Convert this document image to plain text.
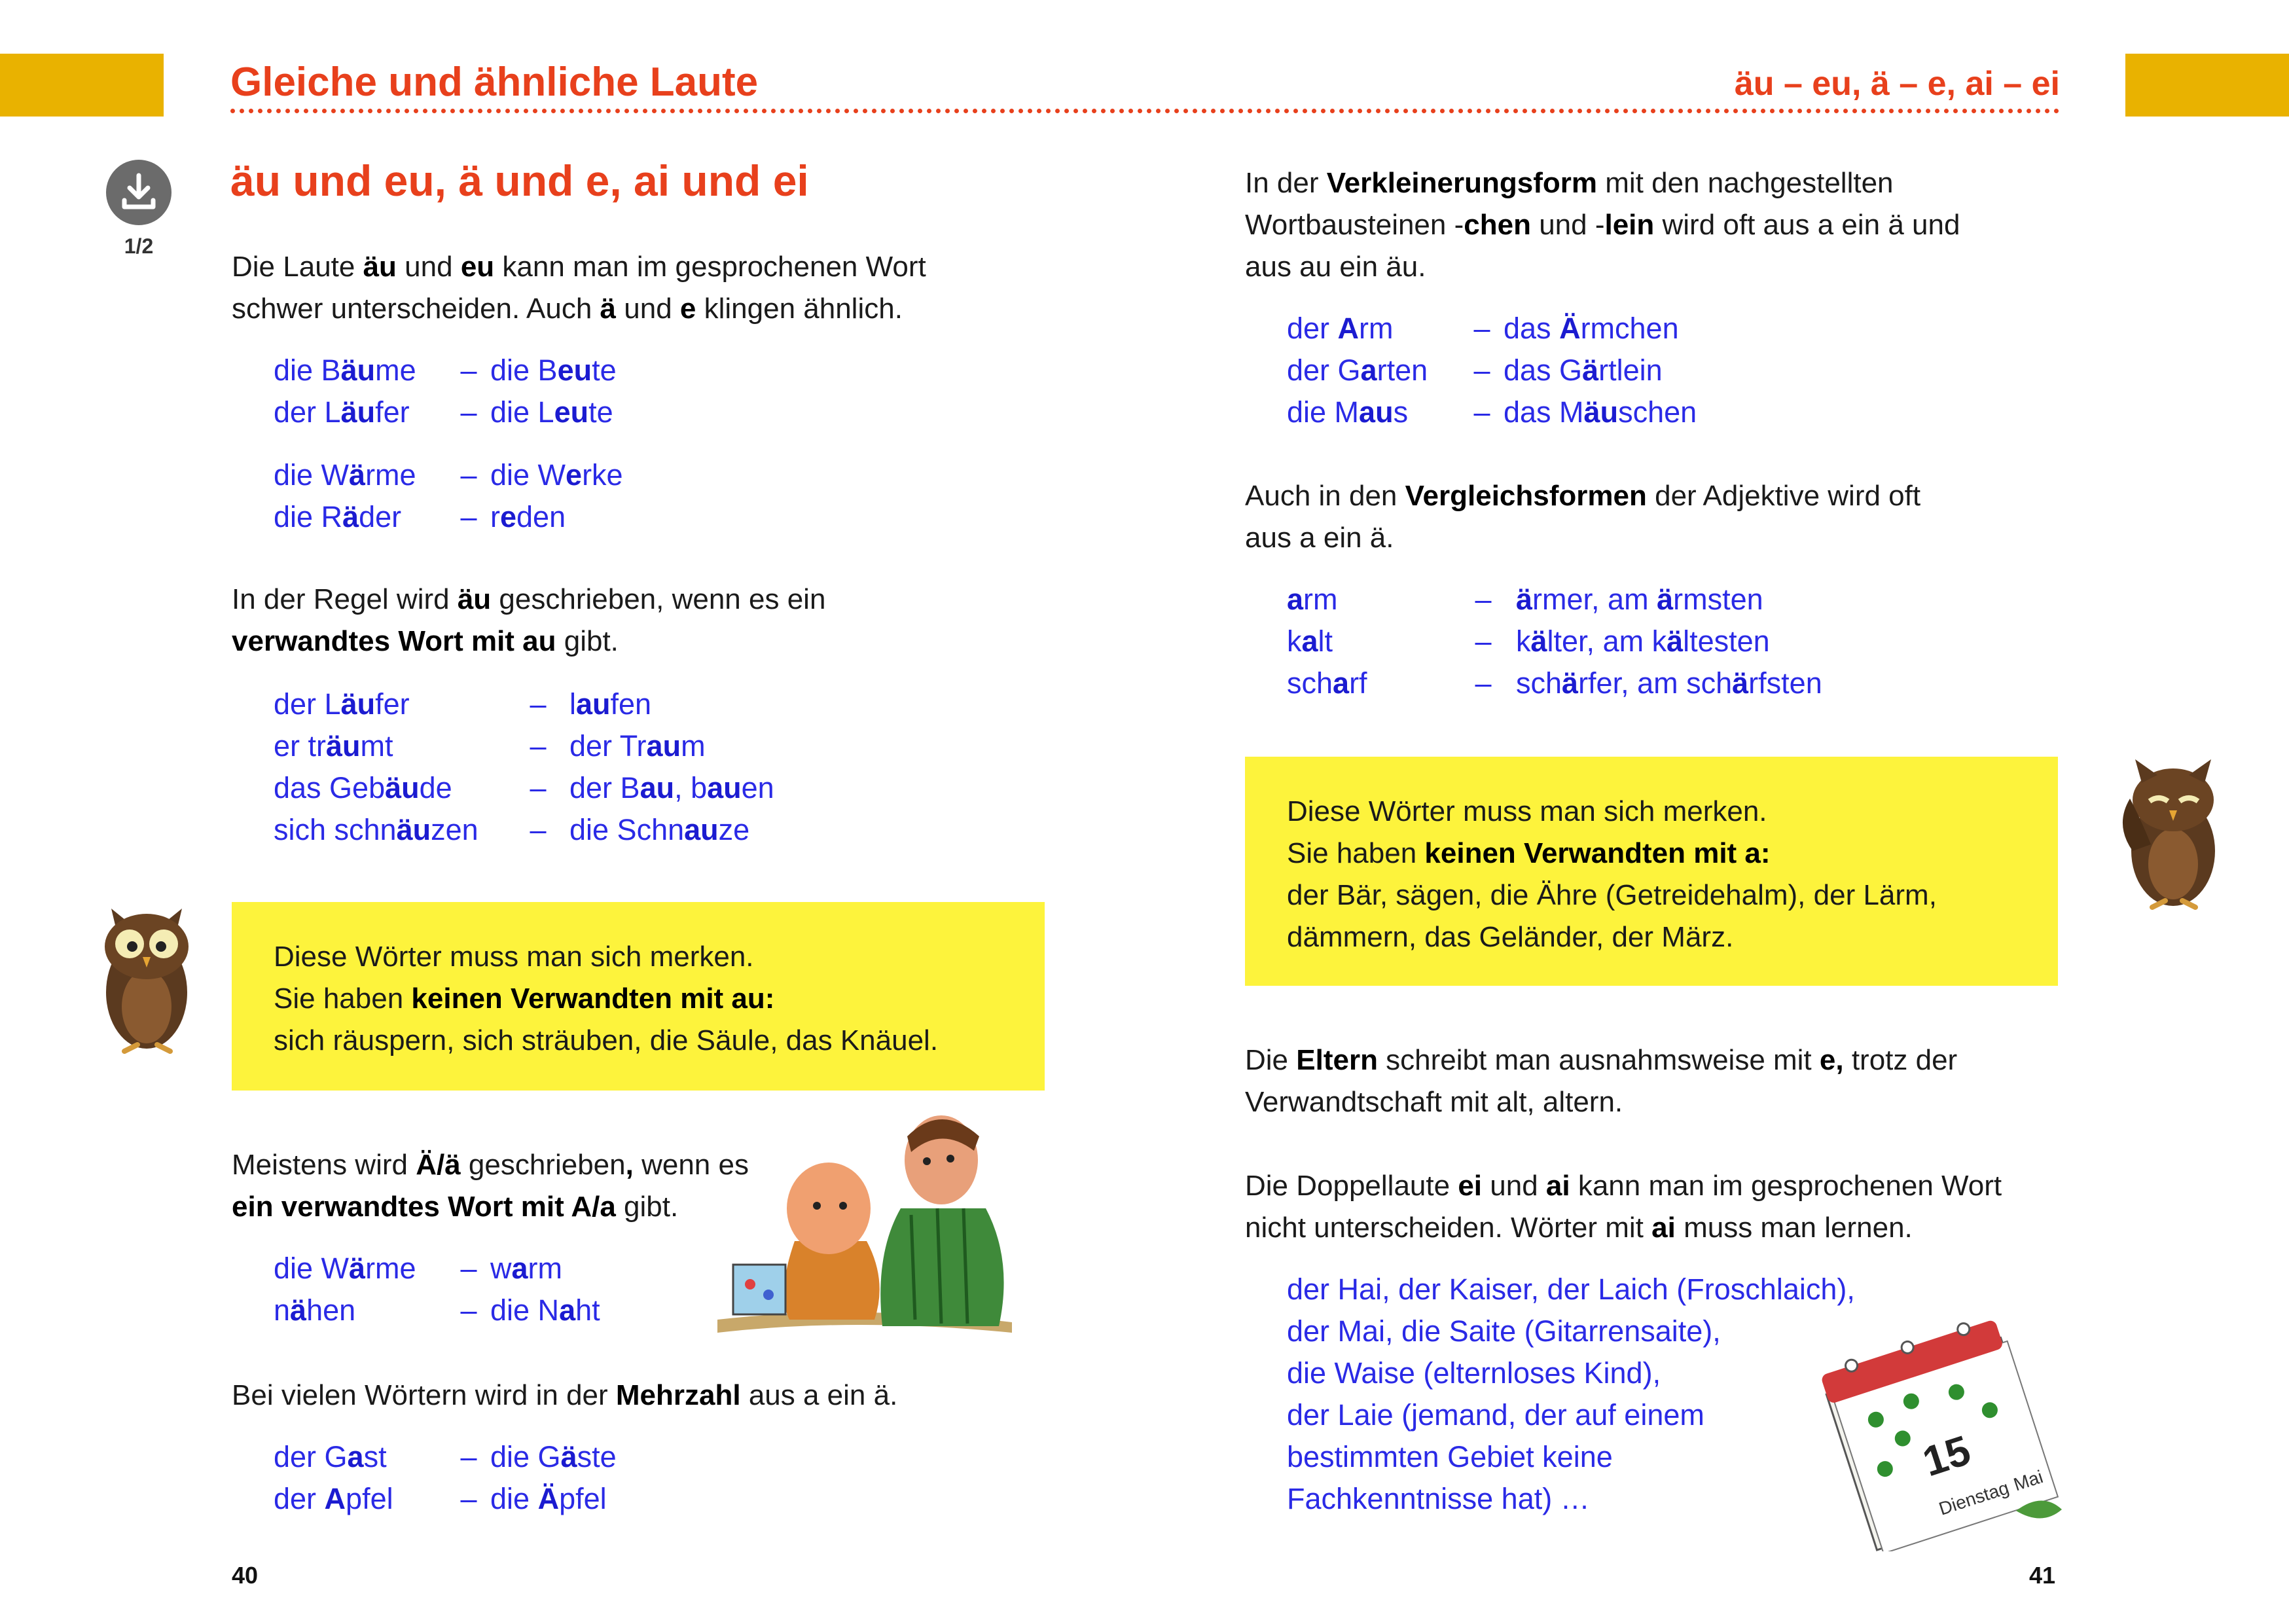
Gleiche und ähnliche Laute	äu – eu, ä – e, ai – ei
1/2
äu und eu, ä und e, ai und ei
Die Laute äu und eu kann man im gesprochenen Wort
schwer unterscheiden. Auch ä und e klingen ähnlich.
die Bäume	– die Beute
der Läufer	– die Leute
die Wärme	– die Werke
die Räder	– reden
In der Regel wird äu geschrieben, wenn es ein
verwandtes Wort mit au gibt.
der Läufer	– laufen
er träumt	– der Traum
das Gebäude	– der Bau, bauen
sich schnäuzen	– die Schnauze
Diese Wörter muss man sich merken.
Sie haben keinen Verwandten mit au:
sich räuspern, sich sträuben, die Säule, das Knäuel.
Meistens wird Ä/ä geschrieben, wenn es
ein verwandtes Wort mit A/a gibt.
die Wärme	– warm
nähen	– die Naht
Bei vielen Wörtern wird in der Mehrzahl aus a ein ä.
der Gast	– die Gäste
der Apfel	– die Äpfel
40
In der Verkleinerungsform mit den nachgestellten
Wortbausteinen -chen und -lein wird oft aus a ein ä und
aus au ein äu.
der Arm	– das Ärmchen
der Garten	– das Gärtlein
die Maus	– das Mäuschen
Auch in den Vergleichsformen der Adjektive wird oft
aus a ein ä.
arm	– ärmer, am ärmsten
kalt	– kälter, am kältesten
scharf	– schärfer, am schärfsten
Diese Wörter muss man sich merken.
Sie haben keinen Verwandten mit a:
der Bär, sägen, die Ähre (Getreidehalm), der Lärm,
dämmern, das Geländer, der März.
Die Eltern schreibt man ausnahmsweise mit e, trotz der
Verwandtschaft mit alt, altern.
Die Doppellaute ei und ai kann man im gesprochenen Wort
nicht unterscheiden. Wörter mit ai muss man lernen.
der Hai, der Kaiser, der Laich (Froschlaich),
der Mai, die Saite (Gitarrensaite),
die Waise (elternloses Kind),
der Laie (jemand, der auf einem
bestimmten Gebiet keine
Fachkenntnisse hat) …
41
15
Dienstag Mai
